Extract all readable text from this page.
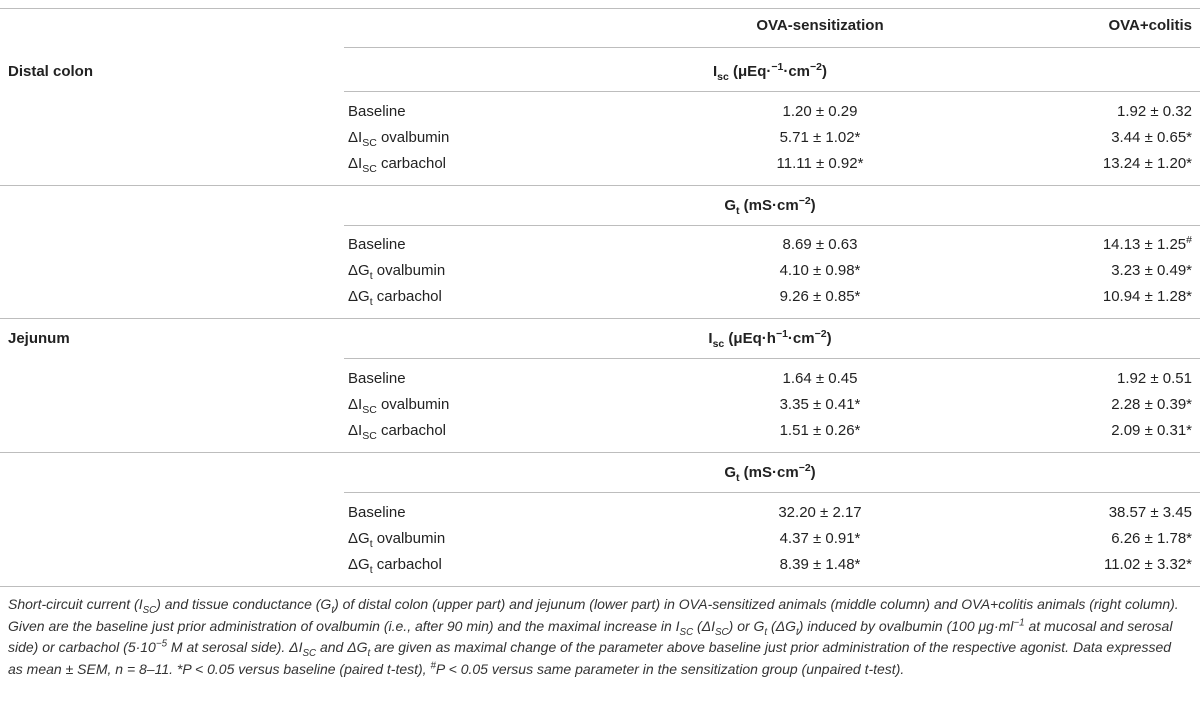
OVA-sensitization	OVA+colitis
Distal colon	$I_{sc}$ $(\mu Eq\cdot^{-1}\cdot cm^{-2})$
Baseline	1.20 ± 0.29	1.92 ± 0.32
$\Delta I_{SC}$ ovalbumin	5.71 ± 1.02*	3.44 ± 0.65*
$\Delta I_{SC}$ carbachol	11.11 ± 0.92*	13.24 ± 1.20*
$G_t$ $(mS\cdot cm^{-2})$
Baseline	8.69 ± 0.63	14.13 ± 1.25#
$\Delta G_t$ ovalbumin	4.10 ± 0.98*	3.23 ± 0.49*
$\Delta G_t$ carbachol	9.26 ± 0.85*	10.94 ± 1.28*
Jejunum	$I_{sc}$ $(\mu Eq\cdot h^{-1}\cdot cm^{-2})$
Baseline	1.64 ± 0.45	1.92 ± 0.51
$\Delta I_{SC}$ ovalbumin	3.35 ± 0.41*	2.28 ± 0.39*
$\Delta I_{SC}$ carbachol	1.51 ± 0.26*	2.09 ± 0.31*
$G_t$ $(mS\cdot cm^{-2})$
Baseline	32.20 ± 2.17	38.57 ± 3.45
$\Delta G_t$ ovalbumin	4.37 ± 0.91*	6.26 ± 1.78*
$\Delta G_t$ carbachol	8.39 ± 1.48*	11.02 ± 3.32*
Short-circuit current $(I_{SC})$ and tissue conductance $(G_t)$ of distal colon (upper part) and jejunum (lower part) in OVA-sensitized animals (middle column) and OVA+colitis animals (right column). Given are the baseline just prior administration of ovalbumin (i.e., after 90 min) and the maximal increase in $I_{SC}$ $(\Delta I_{SC})$ or $G_t$ $(\Delta G_t)$ induced by ovalbumin (100 $\mu g\cdot ml^{-1}$ at mucosal and serosal side) or carbachol ($5\cdot 10^{-5}$ M at serosal side). $\Delta I_{SC}$ and $\Delta G_t$ are given as maximal change of the parameter above baseline just prior administration of the respective agonist. Data expressed as mean ± SEM, n = 8–11. *P < 0.05 versus baseline (paired t-test), #P < 0.05 versus same parameter in the sensitization group (unpaired t-test).
